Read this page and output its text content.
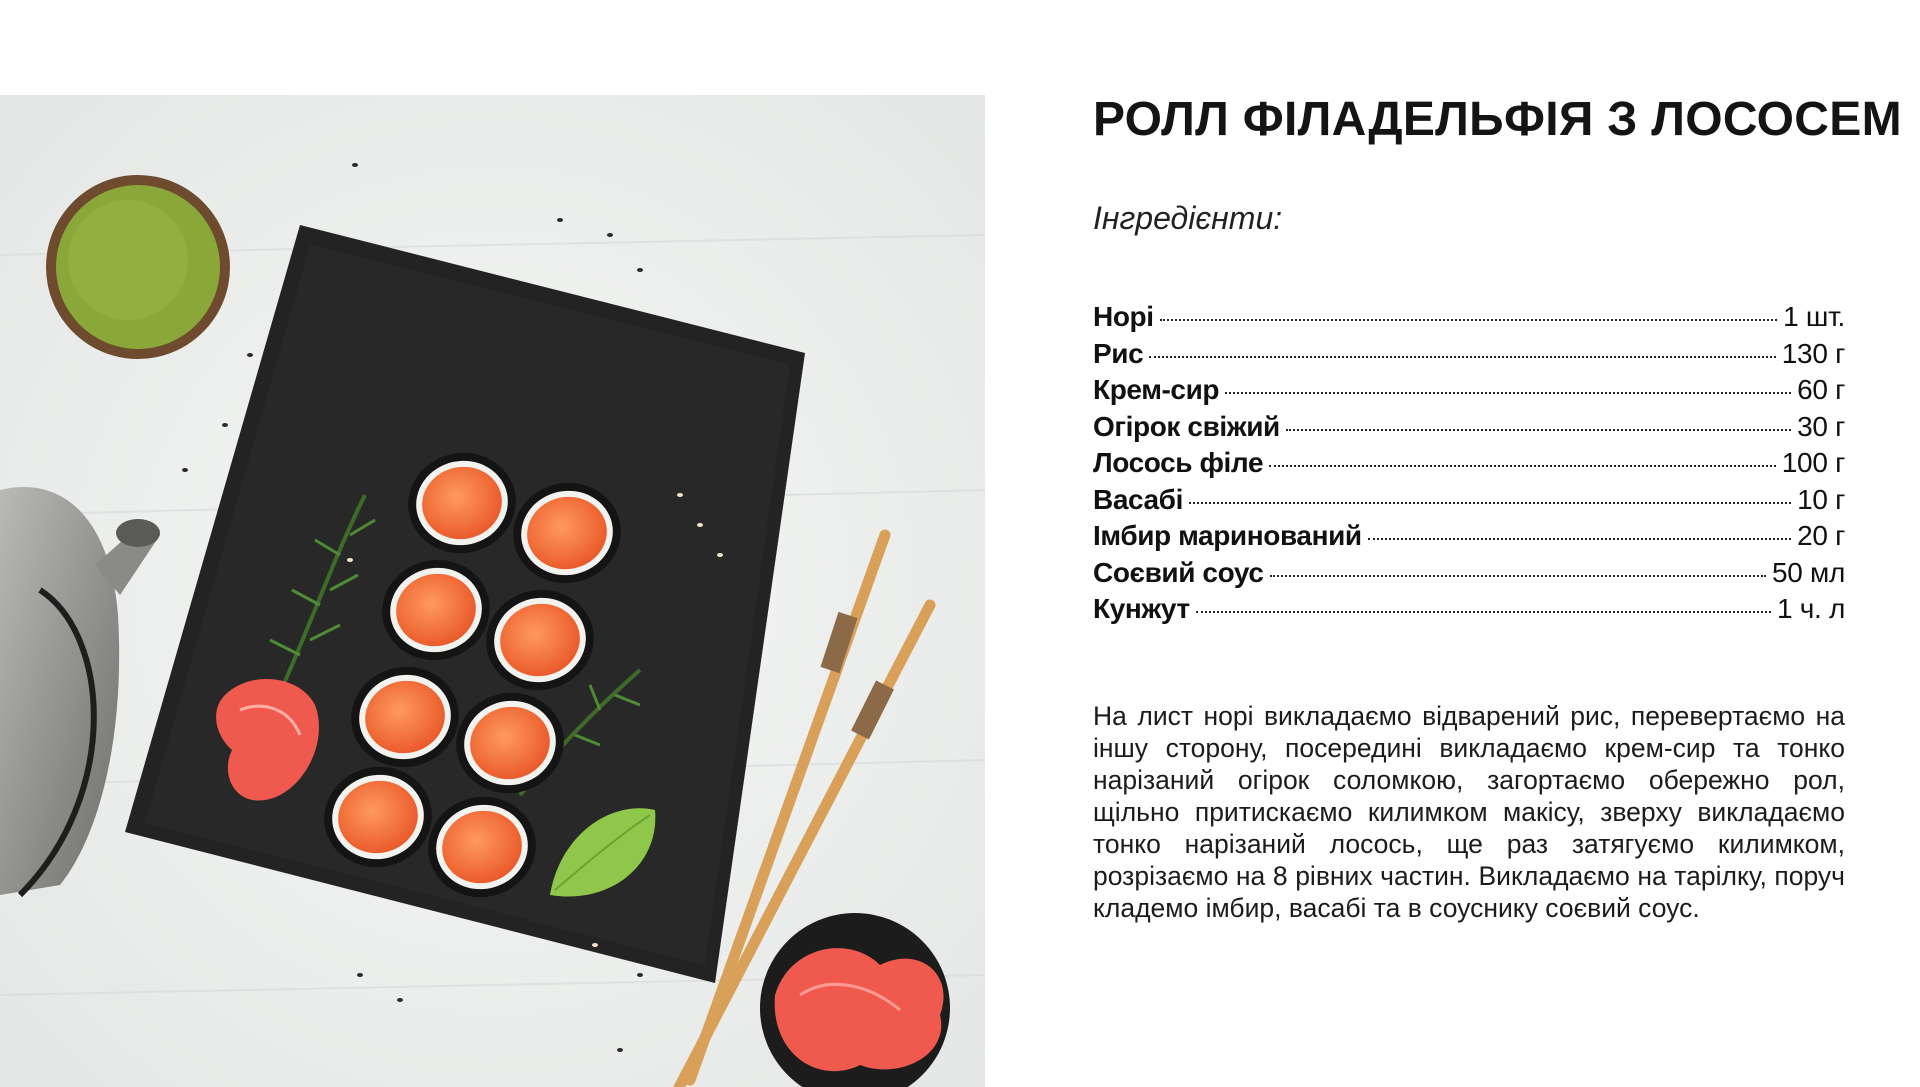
РОЛЛ ФІЛАДЕЛЬФІЯ З ЛОСОСЕМ
Інгредієнти:
Норі	1 шт.
Рис	130 г
Крем-сир	60 г
Огірок свіжий	30 г
Лосось філе	100 г
Васабі	10 г
Імбир маринований	20 г
Соєвий соус	50 мл
Кунжут	1 ч. л

На лист норі викладаємо відварений рис, перевертаємо на іншу сторону, посередині викладаємо крем-сир та тонко нарізаний огірок соломкою, загортаємо обережно рол, щільно притискаємо килимком макісу, зверху викладаємо тонко нарізаний лосось, ще раз затягуємо килимком, розрізаємо на 8 рівних частин. Викладаємо на тарілку, поруч кладемо імбир, васабі та в соуснику соєвий соус.
